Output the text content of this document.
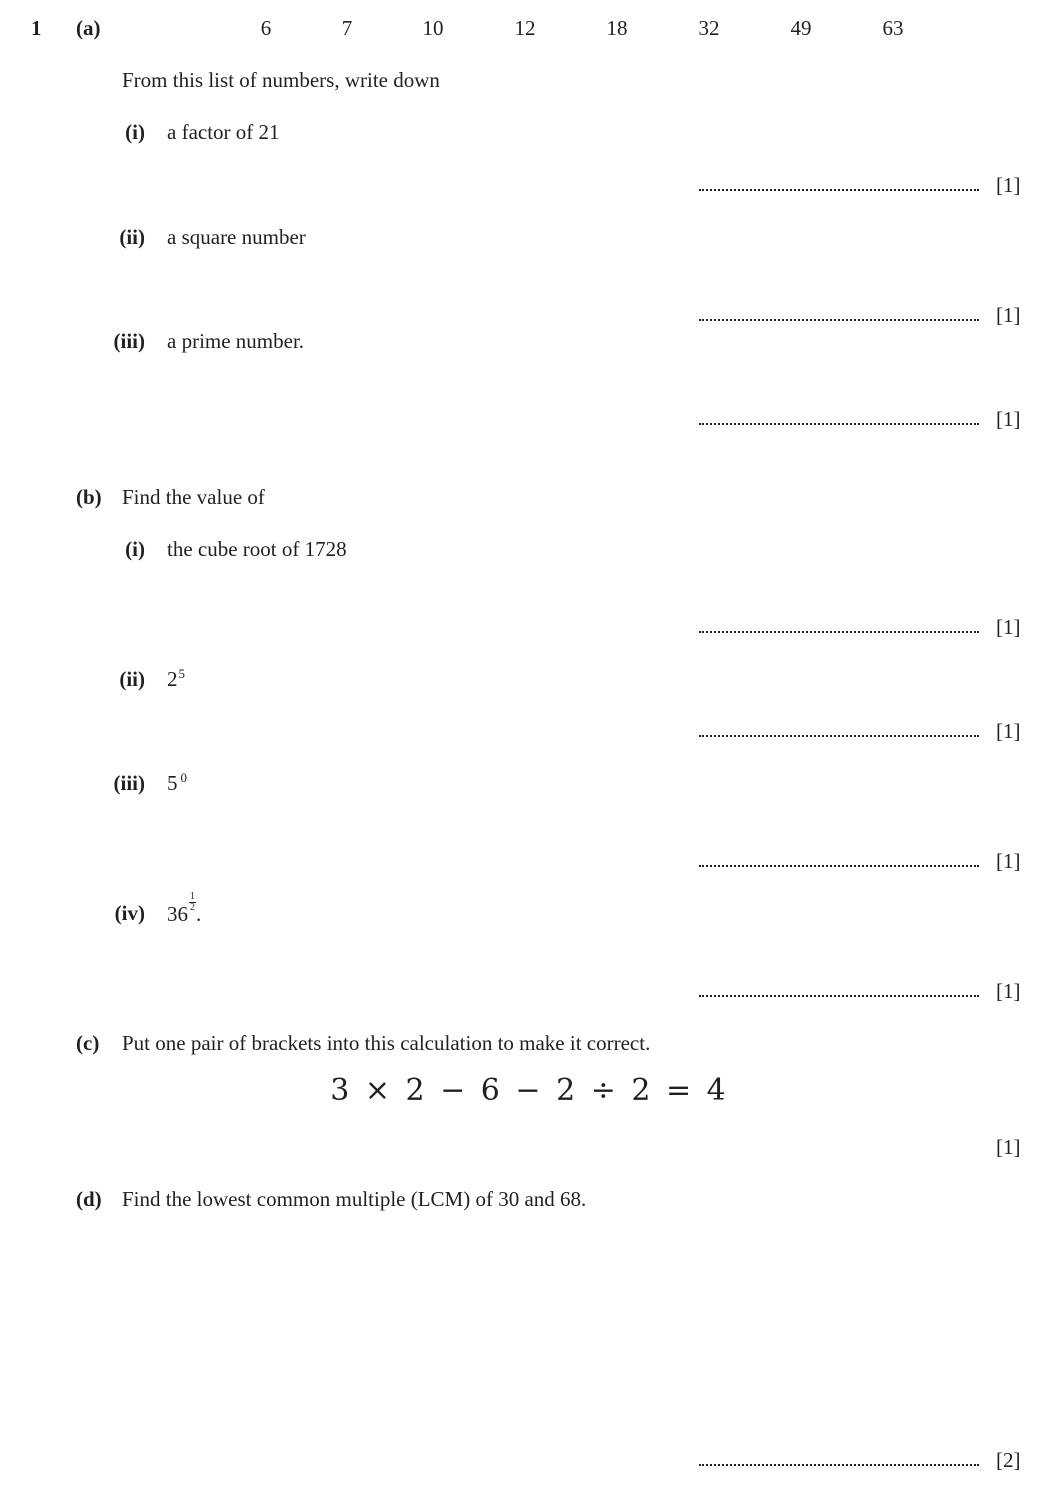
1 (a)	6	7	10	12	18	32	49	63
From this list of numbers, write down
(i) a factor of 21
[1]
(ii) a square number
[1]
(iii) a prime number.
[1]
(b) Find the value of
(i) the cube root of 1728
[1]
(ii) $2^5$
[1]
(iii) 5 $^0$
[1]
(iv) $36 \frac{1}{2}$ .
[1]
(c) Put one pair of brackets into this calculation to make it correct.
3 × 2 − 6 − 2 ÷ 2 = 4
[1]
(d) Find the lowest common multiple (LCM) of 30 and 68.
[2]
